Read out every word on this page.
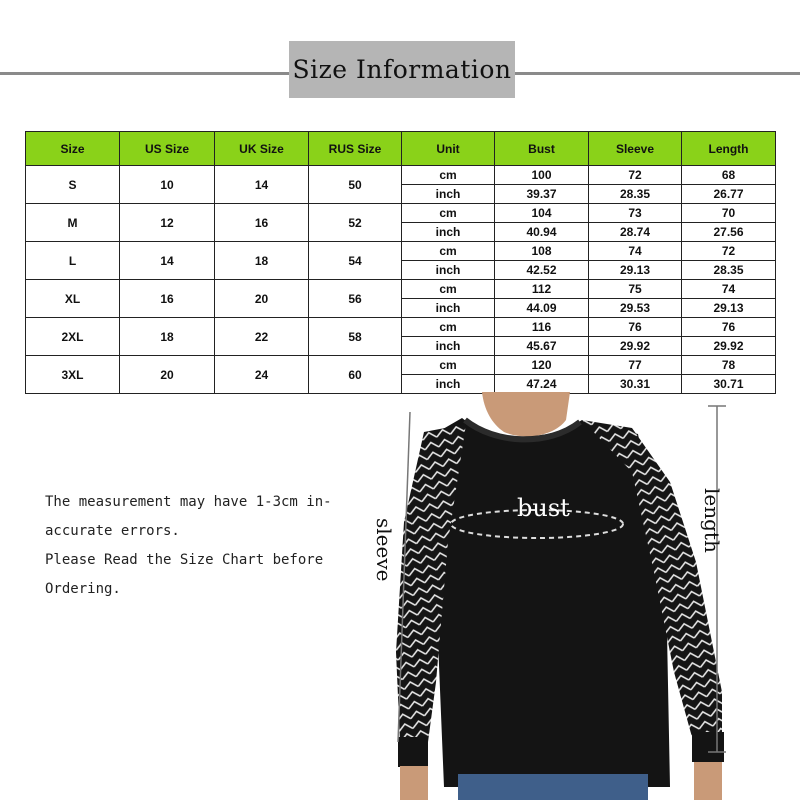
Size Information
Size	US Size	UK Size	RUS Size	Unit	Bust	Sleeve	Length
S	10	14	50	cm	100	72	68
				inch	39.37	28.35	26.77
M	12	16	52	cm	104	73	70
				inch	40.94	28.74	27.56
L	14	18	54	cm	108	74	72
				inch	42.52	29.13	28.35
XL	16	20	56	cm	112	75	74
				inch	44.09	29.53	29.13
2XL	18	22	58	cm	116	76	76
				inch	45.67	29.92	29.92
3XL	20	24	60	cm	120	77	78
				inch	47.24	30.31	30.71

The measurement may have 1-3cm in-

accurate errors.

Please Read the Size Chart before

Ordering.

bust	length
sleeve
